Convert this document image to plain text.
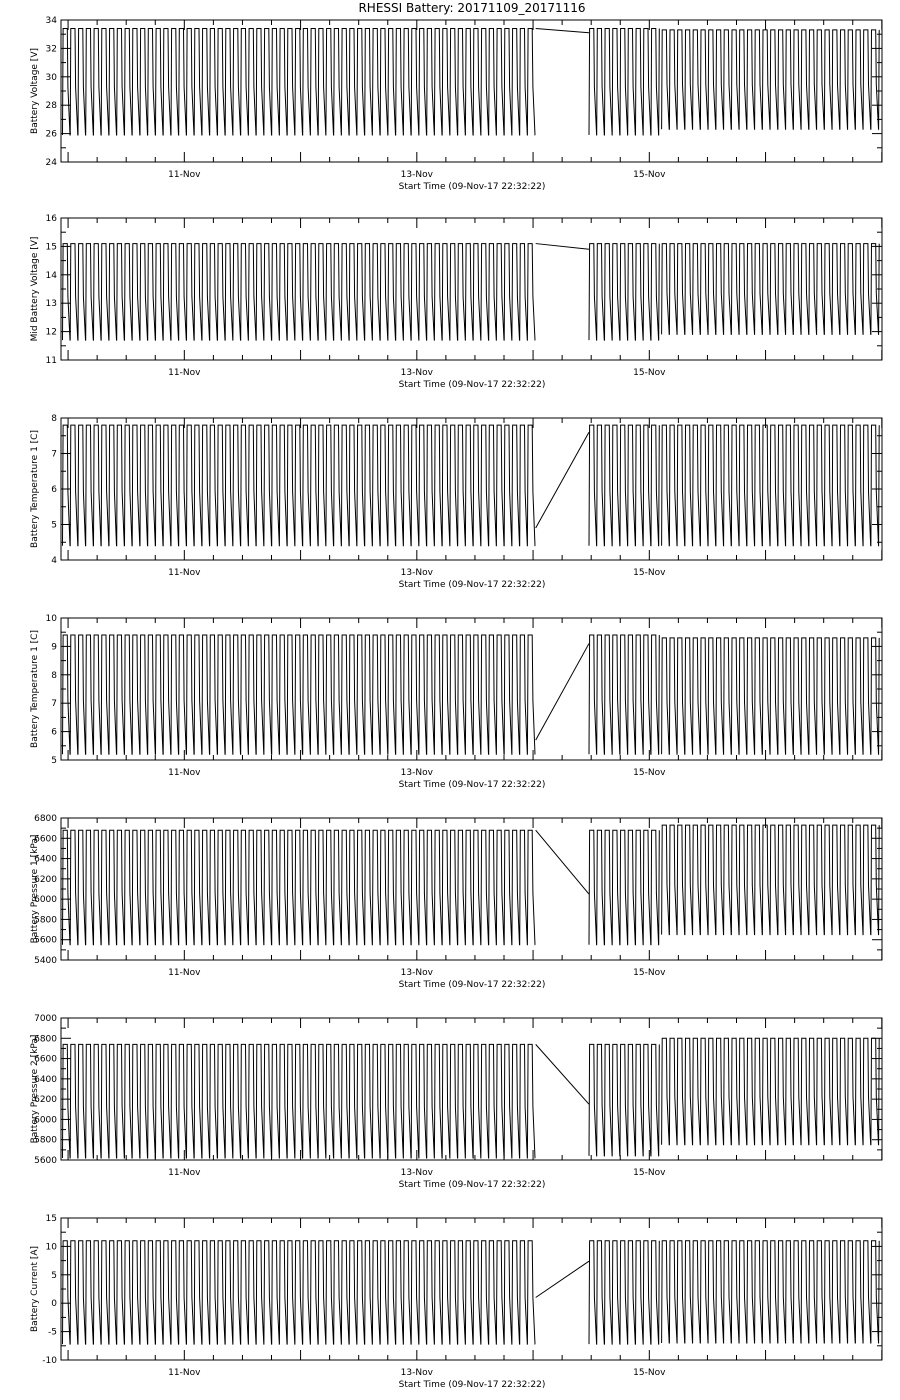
RHESSI Battery: 20171109_20171116
24
26
28
30
32
34
11-Nov	13-Nov	15-Nov
Start Time (09-Nov-17 22:32:22)
Battery Voltage [V]
11
12
13
14
15
16
11-Nov	13-Nov	15-Nov
Start Time (09-Nov-17 22:32:22)
Mid Battery Voltage [V]
4
5
6
7
8
11-Nov	13-Nov	15-Nov
Start Time (09-Nov-17 22:32:22)
Battery Temperature 1 [C]
5
6
7
8
9
10
11-Nov	13-Nov	15-Nov
Start Time (09-Nov-17 22:32:22)
Battery Temperature 1 [C]
5400
5600
5800
6000
6200
6400
6600
6800
11-Nov	13-Nov	15-Nov
Start Time (09-Nov-17 22:32:22)
Battery Pressure 1 [kPa]
5600
5800
6000
6200
6400
6600
6800
7000
11-Nov	13-Nov	15-Nov
Start Time (09-Nov-17 22:32:22)
Battery Pressure 2 [kPa]
-10
-5
0
5
10
15
11-Nov	13-Nov	15-Nov
Start Time (09-Nov-17 22:32:22)
Battery Current [A]
